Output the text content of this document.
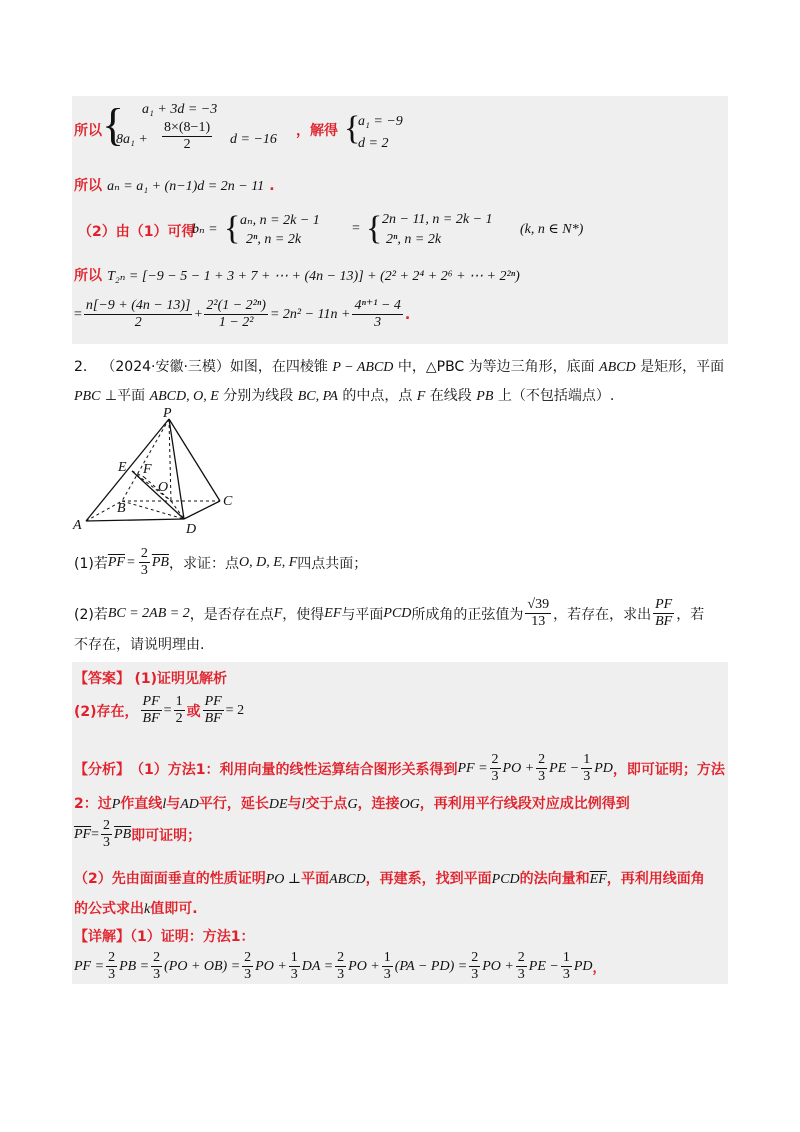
所以 { a₁ + 3d = −3
$8a_1 + \frac{8\times(8-1)}{2}$ d = −16
，解得 {
a₁ = −9
d = 2
所以 aₙ = a₁ + (n−1)d = 2n − 11 .
（2）由（1）可得
bₙ = { aₙ, n = 2k − 1
2ⁿ, n = 2k
= { 2n − 11, n = 2k − 1
2ⁿ, n = 2k
(k, n ∈ N*)
所以 T₂ₙ = [−9 − 5 − 1 + 3 + 7 + ⋯ + (4n − 13)] + (2² + 2⁴ + 2⁶ + ⋯ + 2²ⁿ)
= $\frac{n[-9 + (4n - 13)]}{2} + \frac{\text{2²(1 − 2²ⁿ)}}{\text{1 − 2²}} = 2n^2 - 11n + \frac{\text{4ⁿ⁺¹ − 4}}{3}$ .
2． （2024·安徽·三模）如图，在四棱锥 P − ABCD 中，△PBC 为等边三角形，底面 ABCD 是矩形，平面
PBC ⊥平面 ABCD, O, E 分别为线段 BC, PA 的中点，点 F 在线段 PB 上（不包括端点）.
P
E F
O
B	C
A	D
(1)若 $\overline{PF} = \frac{2}{3} \overline{PB}$ ，求证：点 O, D, E, F 四点共面；
(2)若 BC = 2AB = 2 ，是否存在点 F ，使得 EF 与平面 PCD 所成角的正弦值为 $\frac{√39}{13}$ ，若存在，求出 $\frac{PF}{BF}$ ，若
不存在，请说明理由.
【答案】 (1)证明见解析
(2)存在， $\frac{PF}{BF} = \frac{1}{2}$ 或 $\frac{PF}{BF} = 2$
【分析】 （1）方法1：利用向量的线性运算结合图形关系得到 PF = $\frac{2}{3}$ PO + $\frac{2}{3}$ PE − $\frac{1}{3}$ PD ，即可证明；方法
2：过P作直线l与AD平行，延长DE与l交于点G，连接OG，再利用平行线段对应成比例得到
$\overline{PF} = \frac{2}{3} \overline{PB}$ 即可证明；
（2）先由面面垂直的性质证明PO ⊥平面ABCD，再建系，找到平面PCD的法向量和$\overline{EF}$，再利用线面角
的公式求出k值即可.
【详解】（1）证明：方法1：
PF = $\frac{2}{3}$ PB = $\frac{2}{3} (PO + OB) = \frac{2}{3}$ PO + $\frac{1}{3}$ DA = $\frac{2}{3}$ PO + $\frac{1}{3} (PA - PD) = \frac{2}{3}$ PO + $\frac{2}{3}$ PE − $\frac{1}{3}$ PD ，
